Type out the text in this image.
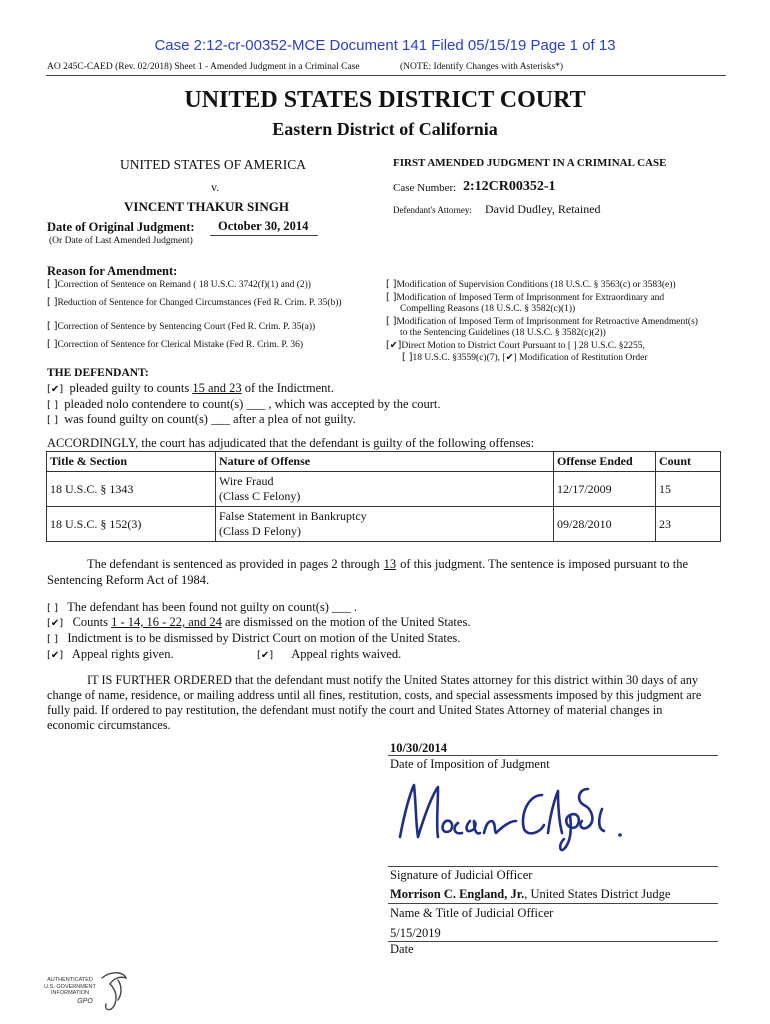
Case 2:12-cr-00352-MCE Document 141 Filed 05/15/19 Page 1 of 13
AO 245C-CAED (Rev. 02/2018) Sheet 1 - Amended Judgment in a Criminal Case	(NOTE: Identify Changes with Asterisks*)
UNITED STATES DISTRICT COURT
Eastern District of California
UNITED STATES OF AMERICA
v.
VINCENT THAKUR SINGH
FIRST AMENDED JUDGMENT IN A CRIMINAL CASE
Case Number: 2:12CR00352-1
Defendant's Attorney: David Dudley, Retained
Date of Original Judgment: October 30, 2014
(Or Date of Last Amended Judgment)
Reason for Amendment:
[ ]Correction of Sentence on Remand ( 18 U.S.C. 3742(f)(1) and (2))
[ ]Reduction of Sentence for Changed Circumstances (Fed R. Crim. P. 35(b))
[ ]Correction of Sentence by Sentencing Court (Fed R. Crim. P. 35(a))
[ ]Correction of Sentence for Clerical Mistake (Fed R. Crim. P. 36)
[ ]Modification of Supervision Conditions (18 U.S.C. § 3563(c) or 3583(e))
[ ]Modification of Imposed Term of Imprisonment for Extraordinary and
Compelling Reasons (18 U.S.C. § 3582(c)(1))
[ ]Modification of Imposed Term of Imprisonment for Retroactive Amendment(s)
to the Sentencing Guidelines (18 U.S.C. § 3582(c)(2))
[✔]Direct Motion to District Court Pursuant to [ ] 28 U.S.C. §2255,
[ ]18 U.S.C. §3559(c)(7), [✔] Modification of Restitution Order
THE DEFENDANT:
[✔] pleaded guilty to counts 15 and 23 of the Indictment.
[ ] pleaded nolo contendere to count(s) ___ , which was accepted by the court.
[ ] was found guilty on count(s) ___ after a plea of not guilty.
ACCORDINGLY, the court has adjudicated that the defendant is guilty of the following offenses:
Title & Section	Nature of Offense	Offense Ended	Count
18 U.S.C. § 1343	Wire Fraud
(Class C Felony)	12/17/2009	15
18 U.S.C. § 152(3)	False Statement in Bankruptcy
(Class D Felony)	09/28/2010	23
The defendant is sentenced as provided in pages 2 through 13 of this judgment. The sentence is imposed pursuant to the
Sentencing Reform Act of 1984.
[ ] The defendant has been found not guilty on count(s) ___ .
[✔] Counts 1 - 14, 16 - 22, and 24 are dismissed on the motion of the United States.
[ ] Indictment is to be dismissed by District Court on motion of the United States.
[✔] Appeal rights given.	[✔] Appeal rights waived.
IT IS FURTHER ORDERED that the defendant must notify the United States attorney for this district within 30 days of any
change of name, residence, or mailing address until all fines, restitution, costs, and special assessments imposed by this judgment are
fully paid. If ordered to pay restitution, the defendant must notify the court and United States Attorney of material changes in
economic circumstances.
10/30/2014
Date of Imposition of Judgment
Signature of Judicial Officer
Morrison C. England, Jr., United States District Judge
Name & Title of Judicial Officer
5/15/2019
Date
AUTHENTICATED
U.S. GOVERNMENT
INFORMATION
GPO
